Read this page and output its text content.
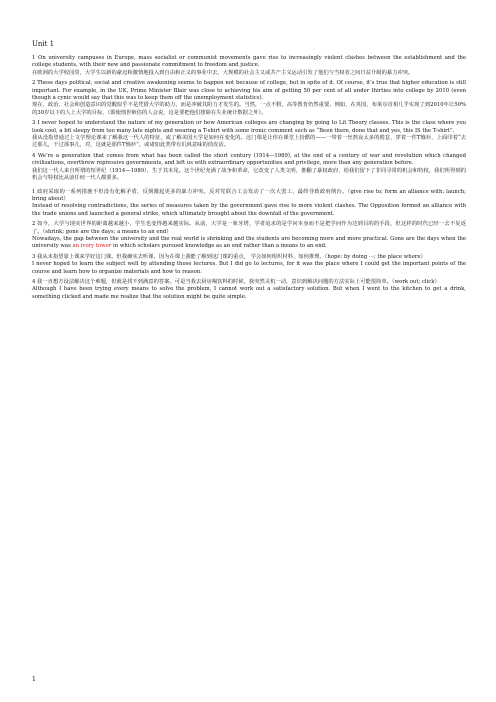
Unit 1

1 On university campuses in Europe, mass socialist or communist movements gave rise to increasingly violent clashes between the establishment and the college students, with their new and passionate commitment to freedom and justice.

在欧洲的大学校园里，大学生以新的豪迈和激情地投入到自由和正义的事业中去，大规模的社会主义或共产主义运动引发了他们与当权者之间日益升级的暴力冲突。

2 These days political, social and creative awakening seems to happen not because of college, but in spite of it. Of course, it’s true that higher education is still important. For example, in the UK, Prime Minister Blair was close to achieving his aim of getting 50 per cent of all under thirties into college by 2010 (even though a cynic would say that this was to keep them off the unemployment statistics).

现在，政治、社会和创造意识的觉醒似乎不是凭借大学的助力，而是冲破其阻力才发生的。当然，一点不假，高等教育仍然重要。例如，在英国，布莱尔首相几乎实现了到2010年让50%的30岁以下的人上大学的目标，（即使愤世嫉俗的人会说，这是要把他们排除在失业统计数据之外）。

3 I never hoped to understand the nature of my generation or how American colleges are changing by going to Lit Theory classes. This is the class where you look cool, a bit sleepy from too many late nights and wearing a T-shirt with some ironic comment such as “Been there, done that and yes, this IS the T-shirt”.

我从没指望通过上文学理论课来了解我这一代人的特征，或了解美国大学是如何在变化的。这门课是让你在课堂上扮酷的——一带着一丝熬夜太多的倦怠，穿着一件T恤衫，上面印着“去过那儿，干过那事儿，对，这就是那件T恤衫”，或诸如此类带有讥讽意味的俏皮话。

4 We’re a generation that comes from what has been called the short century (1914—1989), at the end of a century of war and revolution which changed civilizations, overthrew repressive governments, and left us with extraordinary opportunities and privilege, more than any generation before.

我们这一代人来自所谓的短世纪（1914—1989），生于其末尾。这个世纪充满了战争和革命，它改变了人类文明，推翻了暴权政府，给我们留下了非同寻常的机会和特权，我们所得到的机会与特权比从前任何一代人都要多。

1 政府采取的一系列措施不但没有化解矛盾，反倒激起更多的暴力冲突。反对党联合工会发动了一次大罢工，最终导致政府倒台。（give rise to; form an alliance with; launch; bring about）

Instead of resolving contradictions, the series of measures taken by the government gave rise to more violent clashes. The Opposition formed an alliance with the trade unions and launched a general strike, which ultimately brought about the downfall of the government.

2 如今，大学与现实世界的距离越来越小，学生也变得越来越实际。从前，大学是一象牙塔，学者追求的是学问本身而不是把学问作为达到目的的手段，但这样的时代已经一去不复返了。（shrink; gone are the days; a means to an end）

Nowadays, the gap between the university and the real world is shrinking and the students are becoming more and more practical. Gone are the days when the university was an ivory tower in which scholars pursued knowledge as an end rather than a means to an end.

3 我从未指望靠上课来学好这门课。但我确实去听课，因为在课上我能了解到这门课的重点， 学会如何组织材料、如何推理。（hope: by doing ···; the place where）

I never hoped to learn the subject well by attending those lectures. But I did go to lectures, for it was the place where I could get the important points of the course and learn how to organize materials and how to reason.

4 我一直想方设法解决这个难题，但就是找不到满意的答案。可是当我去厨房喝饮料的时候，我突然灵机一动，意识到解决问题的方法实际上可能很简单。（work out; click）

Although I have been trying every means to solve the problem, I cannot work out a satisfactory solution. But when I went to the kitchen to get a drink, something clicked and made me realize that the solution might be quite simple.

1
